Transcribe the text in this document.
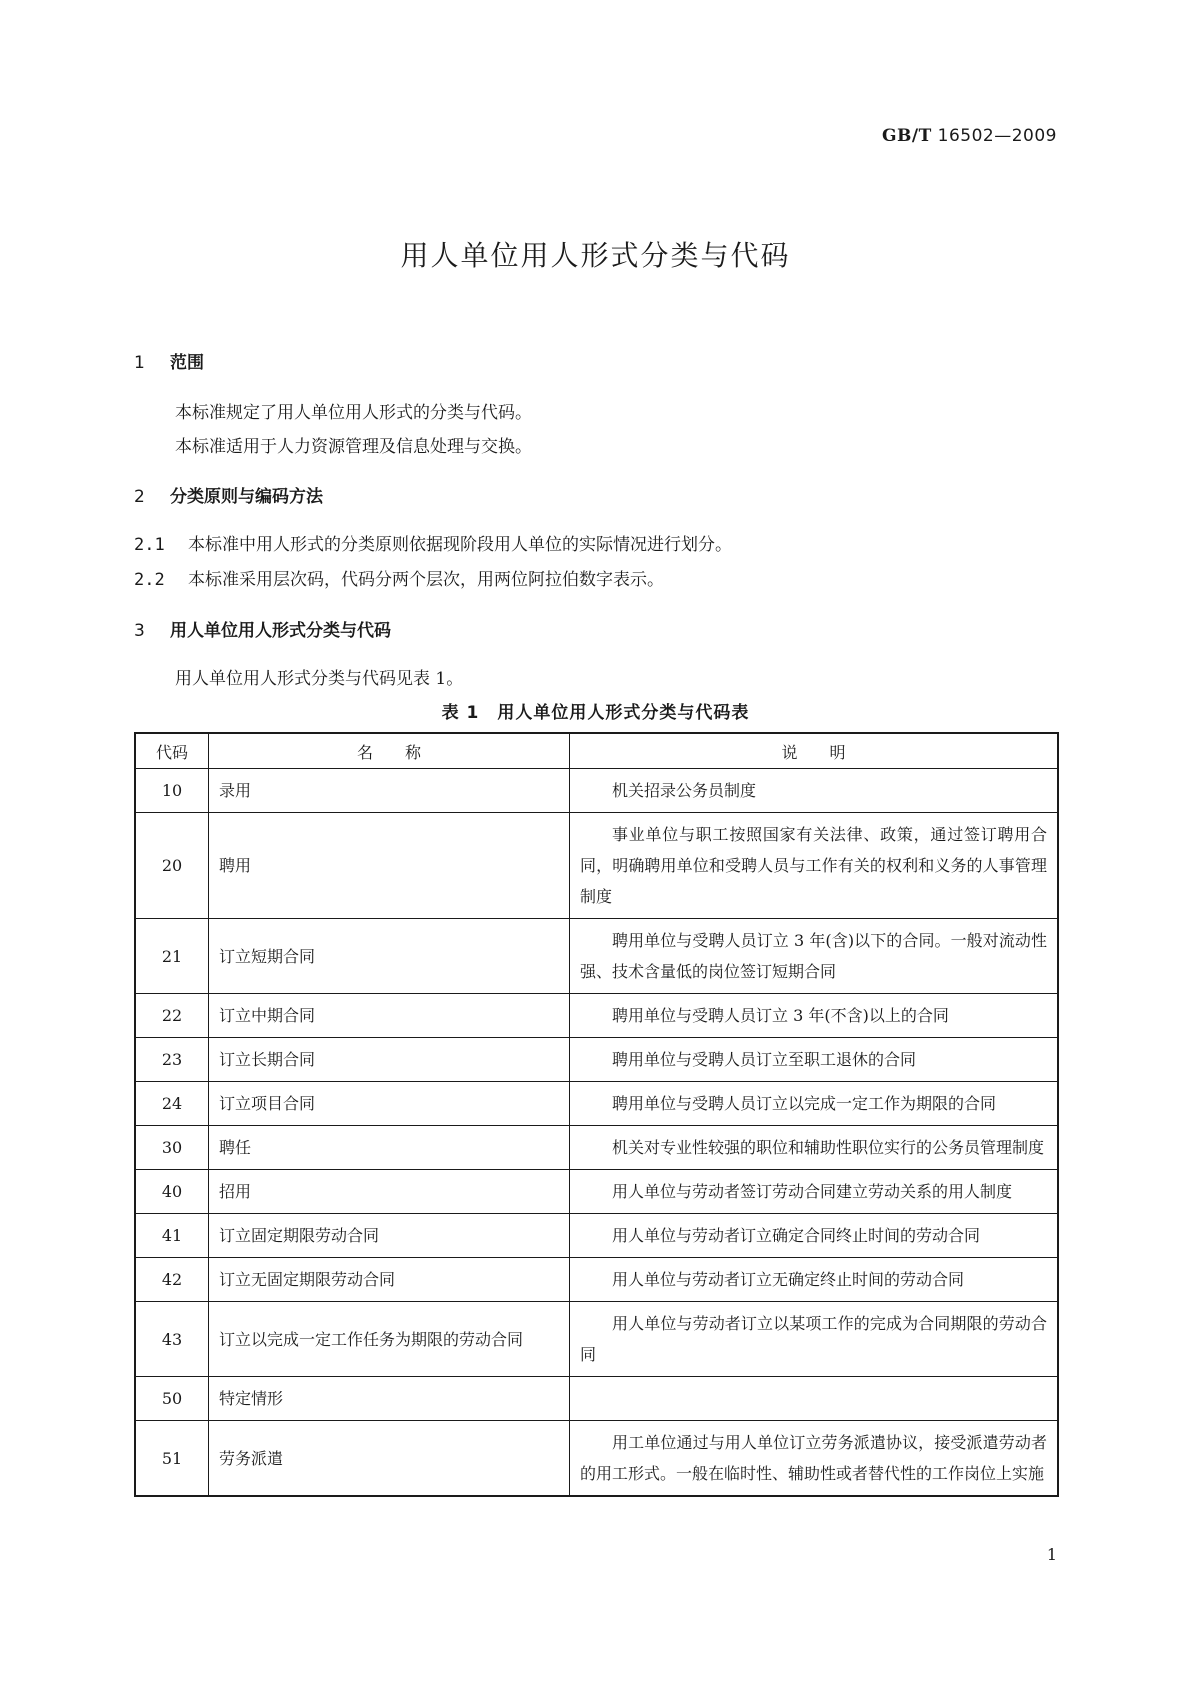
GB/T 16502—2009
用人单位用人形式分类与代码
1 范围
本标准规定了用人单位用人形式的分类与代码。
本标准适用于人力资源管理及信息处理与交换。
2 分类原则与编码方法
2.1 本标准中用人形式的分类原则依据现阶段用人单位的实际情况进行划分。
2.2 本标准采用层次码，代码分两个层次，用两位阿拉伯数字表示。
3 用人单位用人形式分类与代码
用人单位用人形式分类与代码见表 1。
表 1　用人单位用人形式分类与代码表
代码	名　　称	说　　明
10	录用	机关招录公务员制度

20	聘用	事业单位与职工按照国家有关法律、政策，通过签订聘用合同，明确聘用单位和受聘人员与工作有关的权利和义务的人事管理制度

21	订立短期合同	聘用单位与受聘人员订立 3 年(含)以下的合同。一般对流动性强、技术含量低的岗位签订短期合同

22	订立中期合同	聘用单位与受聘人员订立 3 年(不含)以上的合同

23	订立长期合同	聘用单位与受聘人员订立至职工退休的合同

24	订立项目合同	聘用单位与受聘人员订立以完成一定工作为期限的合同

30	聘任	机关对专业性较强的职位和辅助性职位实行的公务员管理制度

40	招用	用人单位与劳动者签订劳动合同建立劳动关系的用人制度

41	订立固定期限劳动合同	用人单位与劳动者订立确定合同终止时间的劳动合同

42	订立无固定期限劳动合同	用人单位与劳动者订立无确定终止时间的劳动合同

43	订立以完成一定工作任务为期限的劳动合同	用人单位与劳动者订立以某项工作的完成为合同期限的劳动合同

50	特定情形	

51	劳务派遣	用工单位通过与用人单位订立劳务派遣协议，接受派遣劳动者的用工形式。一般在临时性、辅助性或者替代性的工作岗位上实施
1
